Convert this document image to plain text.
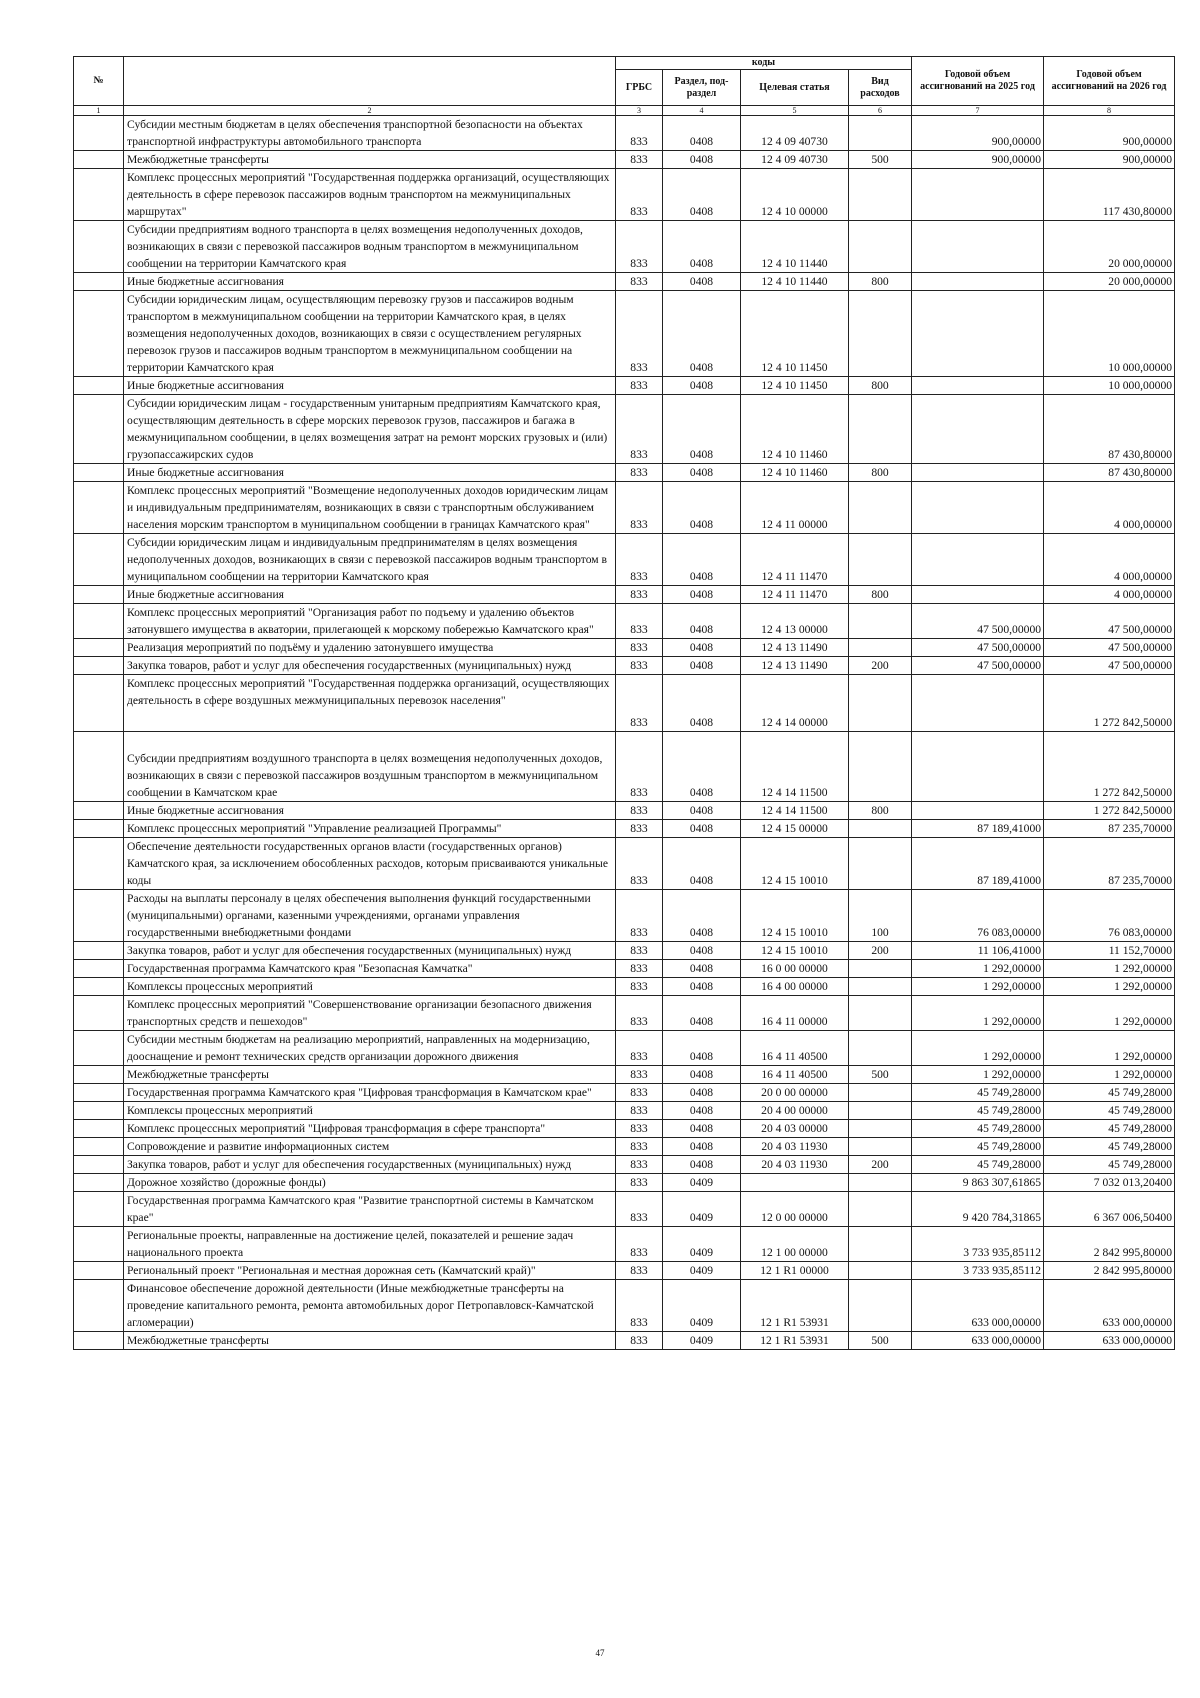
№		коды				Годовой объем ассигнований на 2025 год	Годовой объем ассигнований на 2026 год
		ГРБС	Раздел, под-раздел	Целевая статья	Вид расходов		
1	2	3	4	5	6	7	8
	Субсидии местным бюджетам в целях обеспечения транспортной безопасности на объектах транспортной инфраструктуры автомобильного транспорта	833	0408	12 4 09 40730		900,00000	900,00000
	Межбюджетные трансферты	833	0408	12 4 09 40730	500	900,00000	900,00000
	Комплекс процессных мероприятий "Государственная поддержка организаций, осуществляющих деятельность в сфере перевозок пассажиров водным транспортом на межмуниципальных маршрутах"	833	0408	12 4 10 00000			117 430,80000
	Субсидии предприятиям водного транспорта в целях возмещения недополученных доходов, возникающих в связи с перевозкой пассажиров водным транспортом в межмуниципальном сообщении на территории Камчатского края	833	0408	12 4 10 11440			20 000,00000
	Иные бюджетные ассигнования	833	0408	12 4 10 11440	800		20 000,00000
	Субсидии юридическим лицам, осуществляющим перевозку грузов и пассажиров водным транспортом в межмуниципальном сообщении на территории Камчатского края, в целях возмещения недополученных доходов, возникающих в связи с осуществлением регулярных перевозок грузов и пассажиров водным транспортом в межмуниципальном сообщении на территории Камчатского края	833	0408	12 4 10 11450			10 000,00000
	Иные бюджетные ассигнования	833	0408	12 4 10 11450	800		10 000,00000
	Субсидии юридическим лицам - государственным унитарным предприятиям Камчатского края, осуществляющим деятельность в сфере морских перевозок грузов, пассажиров и багажа в межмуниципальном сообщении, в целях возмещения затрат на ремонт морских грузовых и (или) грузопассажирских судов	833	0408	12 4 10 11460			87 430,80000
	Иные бюджетные ассигнования	833	0408	12 4 10 11460	800		87 430,80000
	Комплекс процессных мероприятий "Возмещение недополученных доходов юридическим лицам и индивидуальным предпринимателям, возникающих в связи с транспортным обслуживанием населения морским транспортом в муниципальном сообщении в границах Камчатского края"	833	0408	12 4 11 00000			4 000,00000
	Субсидии юридическим лицам и индивидуальным предпринимателям в целях возмещения недополученных доходов, возникающих в связи с перевозкой пассажиров водным транспортом в муниципальном сообщении на территории Камчатского края	833	0408	12 4 11 11470			4 000,00000
	Иные бюджетные ассигнования	833	0408	12 4 11 11470	800		4 000,00000
	Комплекс процессных мероприятий "Организация работ по подъему и удалению объектов затонувшего имущества в акватории, прилегающей к морскому побережью Камчатского края"	833	0408	12 4 13 00000		47 500,00000	47 500,00000
	Реализация мероприятий по подъёму и удалению затонувшего имущества	833	0408	12 4 13 11490		47 500,00000	47 500,00000
	Закупка товаров, работ и услуг для обеспечения государственных (муниципальных) нужд	833	0408	12 4 13 11490	200	47 500,00000	47 500,00000
	Комплекс процессных мероприятий "Государственная поддержка организаций, осуществляющих деятельность в сфере воздушных межмуниципальных перевозок населения"	833	0408	12 4 14 00000			1 272 842,50000
	Субсидии предприятиям воздушного транспорта в целях возмещения недополученных доходов, возникающих в связи с перевозкой пассажиров воздушным транспортом в межмуниципальном сообщении в Камчатском крае	833	0408	12 4 14 11500			1 272 842,50000
	Иные бюджетные ассигнования	833	0408	12 4 14 11500	800		1 272 842,50000
	Комплекс процессных мероприятий "Управление реализацией Программы"	833	0408	12 4 15 00000		87 189,41000	87 235,70000
	Обеспечение деятельности государственных органов власти (государственных органов) Камчатского края, за исключением обособленных расходов, которым присваиваются уникальные коды	833	0408	12 4 15 10010		87 189,41000	87 235,70000
	Расходы на выплаты персоналу в целях обеспечения выполнения функций государственными (муниципальными) органами, казенными учреждениями, органами управления государственными внебюджетными фондами	833	0408	12 4 15 10010	100	76 083,00000	76 083,00000
	Закупка товаров, работ и услуг для обеспечения государственных (муниципальных) нужд	833	0408	12 4 15 10010	200	11 106,41000	11 152,70000
	Государственная программа Камчатского края "Безопасная Камчатка"	833	0408	16 0 00 00000		1 292,00000	1 292,00000
	Комплексы процессных мероприятий	833	0408	16 4 00 00000		1 292,00000	1 292,00000
	Комплекс процессных мероприятий "Совершенствование организации безопасного движения транспортных средств и пешеходов"	833	0408	16 4 11 00000		1 292,00000	1 292,00000
	Субсидии местным бюджетам на реализацию мероприятий, направленных на модернизацию, дооснащение и ремонт технических средств организации дорожного движения	833	0408	16 4 11 40500		1 292,00000	1 292,00000
	Межбюджетные трансферты	833	0408	16 4 11 40500	500	1 292,00000	1 292,00000
	Государственная программа Камчатского края "Цифровая трансформация в Камчатском крае"	833	0408	20 0 00 00000		45 749,28000	45 749,28000
	Комплексы процессных мероприятий	833	0408	20 4 00 00000		45 749,28000	45 749,28000
	Комплекс процессных мероприятий "Цифровая трансформация в сфере транспорта"	833	0408	20 4 03 00000		45 749,28000	45 749,28000
	Сопровождение и развитие информационных систем	833	0408	20 4 03 11930		45 749,28000	45 749,28000
	Закупка товаров, работ и услуг для обеспечения государственных (муниципальных) нужд	833	0408	20 4 03 11930	200	45 749,28000	45 749,28000
	Дорожное хозяйство (дорожные фонды)	833	0409			9 863 307,61865	7 032 013,20400
	Государственная программа Камчатского края "Развитие транспортной системы в Камчатском крае"	833	0409	12 0 00 00000		9 420 784,31865	6 367 006,50400
	Региональные проекты, направленные на достижение целей, показателей и решение задач национального проекта	833	0409	12 1 00 00000		3 733 935,85112	2 842 995,80000
	Региональный проект "Региональная и местная дорожная сеть (Камчатский край)"	833	0409	12 1 R1 00000		3 733 935,85112	2 842 995,80000
	Финансовое обеспечение дорожной деятельности (Иные межбюджетные трансферты на проведение капитального ремонта, ремонта автомобильных дорог Петропавловск-Камчатской агломерации)	833	0409	12 1 R1 53931		633 000,00000	633 000,00000
	Межбюджетные трансферты	833	0409	12 1 R1 53931	500	633 000,00000	633 000,00000
47
